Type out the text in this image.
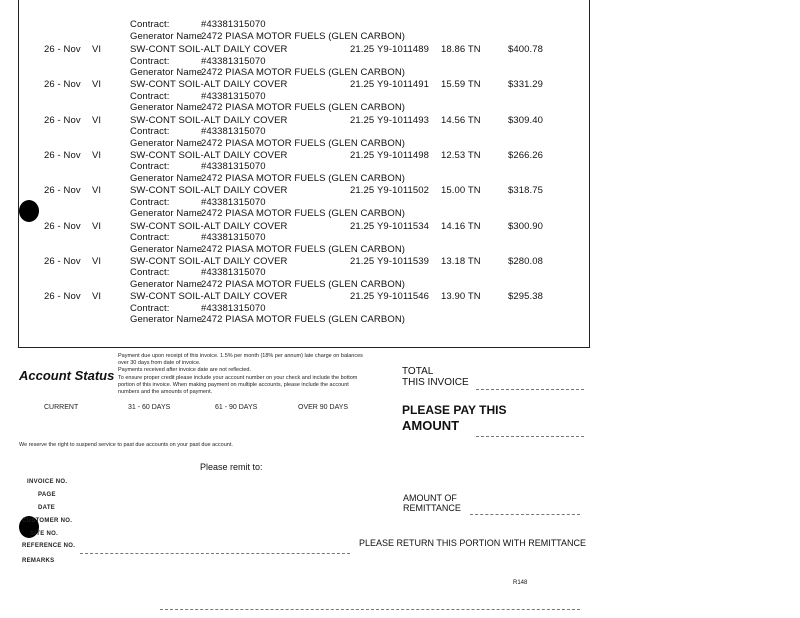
Contract:	#43381315070
Generator Name
2472 PIASA MOTOR FUELS (GLEN CARBON)
26 - Nov VI	SW-CONT SOIL-ALT DAILY COVER	21.25 Y9-1011489 18.86 TN	$400.78
Contract:	#43381315070
Generator Name
2472 PIASA MOTOR FUELS (GLEN CARBON)
26 - Nov VI	SW-CONT SOIL-ALT DAILY COVER	21.25 Y9-1011491 15.59 TN	$331.29
Contract:	#43381315070
Generator Name
2472 PIASA MOTOR FUELS (GLEN CARBON)
26 - Nov VI	SW-CONT SOIL-ALT DAILY COVER	21.25 Y9-1011493 14.56 TN	$309.40
Contract:	#43381315070
Generator Name
2472 PIASA MOTOR FUELS (GLEN CARBON)
26 - Nov VI	SW-CONT SOIL-ALT DAILY COVER	21.25 Y9-1011498 12.53 TN	$266.26
Contract:	#43381315070
Generator Name
2472 PIASA MOTOR FUELS (GLEN CARBON)
26 - Nov VI	SW-CONT SOIL-ALT DAILY COVER	21.25 Y9-1011502 15.00 TN	$318.75
Contract:	#43381315070
Generator Name
2472 PIASA MOTOR FUELS (GLEN CARBON)
26 - Nov VI	SW-CONT SOIL-ALT DAILY COVER	21.25 Y9-1011534 14.16 TN	$300.90
Contract:	#43381315070
Generator Name
2472 PIASA MOTOR FUELS (GLEN CARBON)
26 - Nov VI	SW-CONT SOIL-ALT DAILY COVER	21.25 Y9-1011539 13.18 TN	$280.08
Contract:	#43381315070
Generator Name
2472 PIASA MOTOR FUELS (GLEN CARBON)
26 - Nov VI	SW-CONT SOIL-ALT DAILY COVER	21.25 Y9-1011546 13.90 TN	$295.38
Contract:	#43381315070
Generator Name
2472 PIASA MOTOR FUELS (GLEN CARBON)
Account Status
Payment due upon receipt of this invoice. 1.5% per month (18% per annum) late charge on balances
over 30 days from date of invoice.
Payments received after invoice date are not reflected.
To ensure proper credit please include your account number on your check and include the bottom
portion of this invoice. When making payment on multiple accounts, please include the account
numbers and the amounts of payment.
CURRENT	31 - 60 DAYS	61 - 90 DAYS	OVER 90 DAYS
We reserve the right to suspend service to past due accounts on your past due account.
TOTAL
THIS INVOICE
PLEASE PAY THIS
AMOUNT
Please remit to:
INVOICE NO.
PAGE
DATE
CUSTOMER NO.
SITE NO.
REFERENCE NO.
REMARKS
AMOUNT OF
REMITTANCE
PLEASE RETURN THIS PORTION WITH REMITTANCE
R148
